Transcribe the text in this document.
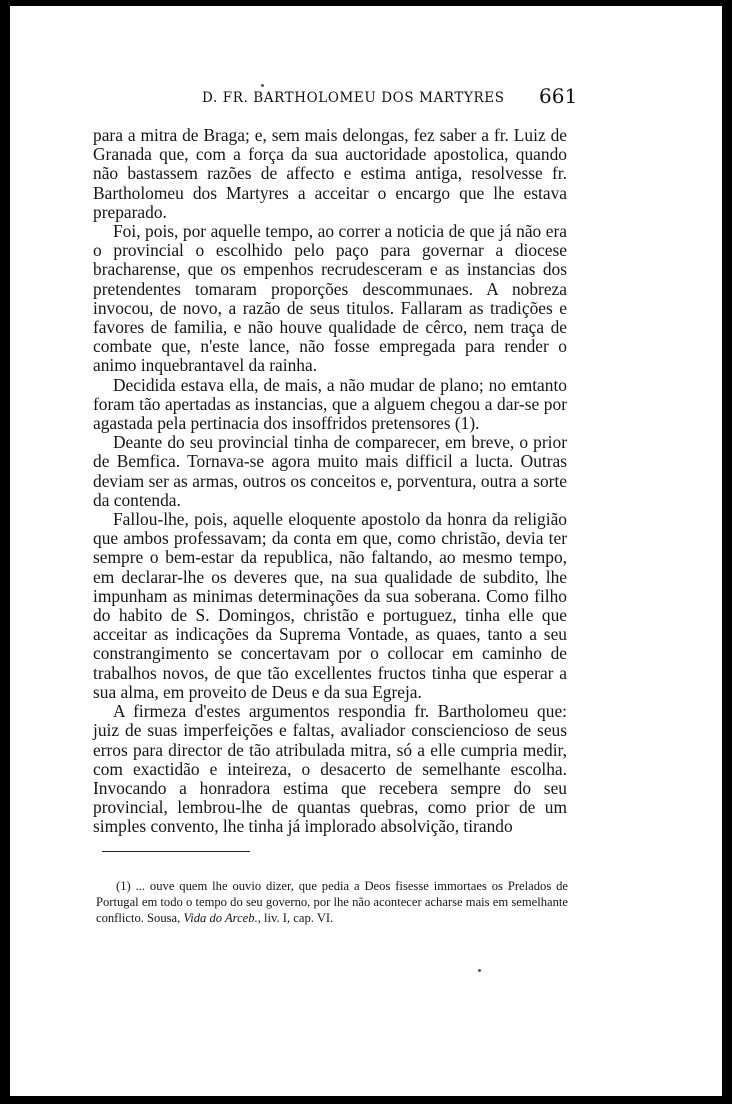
D. FR. BARTHOLOMEU DOS MARTYRES 661

para a mitra de Braga; e, sem mais delongas, fez saber a fr. Luiz de Granada que, com a força da sua auctoridade apostolica, quando não bastassem razões de affecto e estima antiga, resolvesse fr. Bartholomeu dos Martyres a acceitar o encargo que lhe estava preparado.

Foi, pois, por aquelle tempo, ao correr a noticia de que já não era o provincial o escolhido pelo paço para governar a diocese bracharense, que os empenhos recrudesceram e as instancias dos pretendentes tomaram proporções descommunaes. A nobreza invocou, de novo, a razão de seus titulos. Fallaram as tradições e favores de familia, e não houve qualidade de cêrco, nem traça de combate que, n'este lance, não fosse empregada para render o animo inquebrantavel da rainha.

Decidida estava ella, de mais, a não mudar de plano; no emtanto foram tão apertadas as instancias, que a alguem chegou a dar-se por agastada pela pertinacia dos insoffridos pretensores (1).

Deante do seu provincial tinha de comparecer, em breve, o prior de Bemfica. Tornava-se agora muito mais difficil a lucta. Outras deviam ser as armas, outros os conceitos e, porventura, outra a sorte da contenda.

Fallou-lhe, pois, aquelle eloquente apostolo da honra da religião que ambos professavam; da conta em que, como christão, devia ter sempre o bem-estar da republica, não faltando, ao mesmo tempo, em declarar-lhe os deveres que, na sua qualidade de subdito, lhe impunham as minimas determinações da sua soberana. Como filho do habito de S. Domingos, christão e portuguez, tinha elle que acceitar as indicações da Suprema Vontade, as quaes, tanto a seu constrangimento se concertavam por o collocar em caminho de trabalhos novos, de que tão excellentes fructos tinha que esperar a sua alma, em proveito de Deus e da sua Egreja.

A firmeza d'estes argumentos respondia fr. Bartholomeu que: juiz de suas imperfeições e faltas, avaliador consciencioso de seus erros para director de tão atribulada mitra, só a elle cumpria medir, com exactidão e inteireza, o desacerto de semelhante escolha. Invocando a honradora estima que recebera sempre do seu provincial, lembrou-lhe de quantas quebras, como prior de um simples convento, lhe tinha já implorado absolvição, tirando

(1) ... ouve quem lhe ouvio dizer, que pedia a Deos fisesse immortaes os Prelados de Portugal em todo o tempo do seu governo, por lhe não acontecer acharse mais em semelhante conflicto. Sousa, Vida do Arceb., liv. I, cap. VI.
